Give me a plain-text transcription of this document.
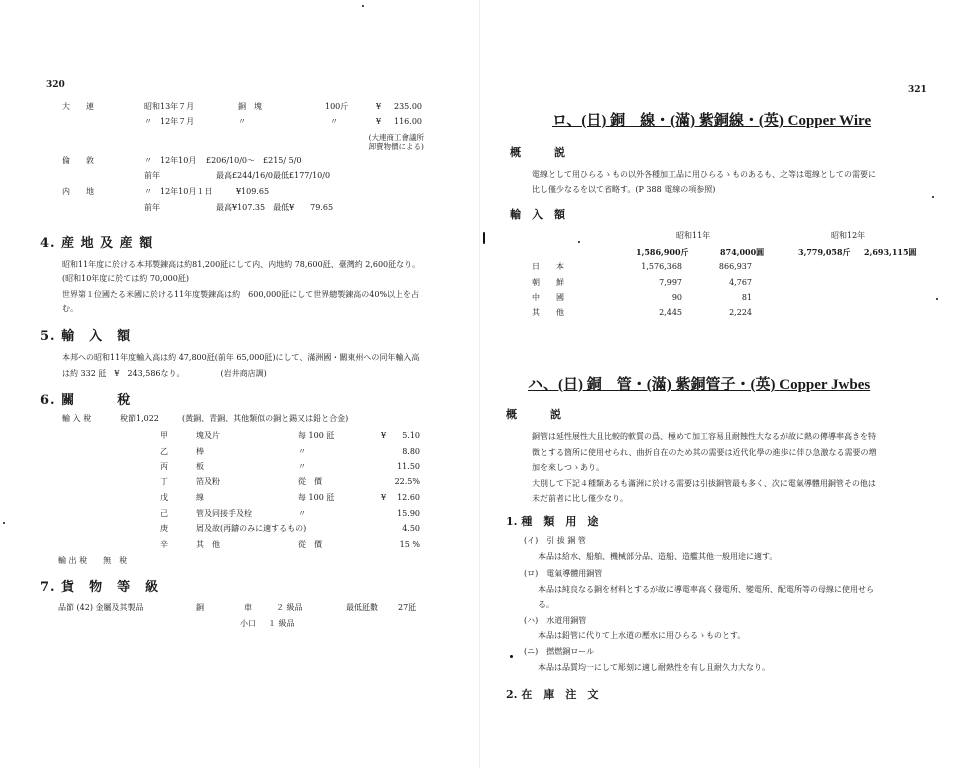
320
大　　連	昭和13年７月	銅　塊	100斤	¥ 235.00
〃　12年７月	〃	〃	¥ 116.00
(大連商工會議所
卸賣物價による)
倫　　敦	〃　12年10月 £206/10/0〜　£215/ 5/0
前年	最高£244/16/0最低£177/10/0
内　　地	〃　12年10月１日	¥109.65
前年	最高¥107.35　最低¥　　79.65
4. 産 地 及 産 額
昭和11年度に於ける本邦製錬高は約81,200瓩にして内、内地約 78,600瓩、臺灣約 2,600瓩なり。
(昭和10年度に於ては約 70,000瓩)
世界第１位國たる米國に於ける11年度製錬高は約　600,000瓩にして世界總製錬高の40%以上を占
む。
5. 輸　入　額
本邦への昭和11年度輸入高は約 47,800瓩(前年 65,000瓩)にして、滿洲國・關東州への同年輸入高
は約 332 瓩　¥　243,586なり。　　　　　(岩井商店調)
6. 關　　　稅
輸 入 稅	稅節1,022	(黃銅、青銅、其他類似の銅と錫又は鉛と合金)
甲	塊及片	每 100 瓩	¥	5.10
乙	棒	〃	8.80
丙	板	〃	11.50
丁	箔及粉	從　價	22.5%
戊	線	每 100 瓩	¥	12.60
己	管及同接手及栓	〃	15.90
庚	屑及故(再鑄のみに適するもの)	4.50
辛	其　他	從　價	15 %
輸 出 稅　　無　稅
7. 貨　物　等　級
品節 (42) 金屬及其製品	銅	車	２ 級品	最低瓩數	27瓩
小口 １ 級品
321
ロ、(日) 銅　線・(滿) 紫銅線・(英) Copper Wire
概　　　説
電線として用ひらるゝもの以外各種加工品に用ひらるゝものあるも、之等は電線としての需要に
比し僅少なるを以て省略す。(P 388 電線の項参照)
輸　入　額
昭和11年	昭和12年
1,586,900斤	874,000圓	3,779,058斤 2,693,115圓
日　　本	1,576,368	866,937
朝　　鮮	7,997	4,767
中　　國	90	81
其　　他	2,445	2,224
ハ、(日) 銅　管・(滿) 紫銅管子・(英) Copper Jwbes
概　　　説
銅管は延性展性大且比較的軟質の爲、極めて加工容易且耐蝕性大なるが故に熱の傳導率高きを特
徴とする箇所に使用せられ、曲折自在のため其の需要は近代化學の進歩に伴ひ急激なる需要の増
加を來しつゝあり。
大別して下記４種類あるも滿洲に於ける需要は引拔銅管最も多く、次に電氣導體用銅管その他は
未だ前者に比し僅少なり。
1. 種　類　用　途
(イ)　引 拔 銅 管
本品は給水、船舶、機械部分品、造船、造艦其他一般用途に適す。
(ロ)　電氣導體用銅管
本品は純良なる銅を材料とするが故に導電率高く發電所、變電所、配電所等の母線に使用せら
る。
(ハ)　水道用銅管
本品は鉛管に代りて上水道の壓水に用ひらるゝものとす。
(ニ)　撚燃銅ロール
本品は品質均一にして彫刻に適し耐熱性を有し且耐久力大なり。
2. 在　庫　注　文
